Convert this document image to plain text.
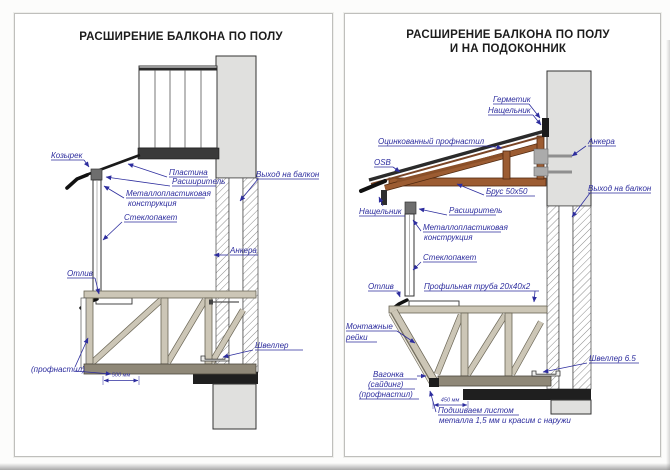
РАСШИРЕНИЕ БАЛКОНА ПО ПОЛУ
500 мм
Козырек
Пластина
Расширитель
Металлопластиковая
конструкция
Стеклопакет
Отлив
Выход на балкон
Анкера
Швеллер
(профнастил)
РАСШИРЕНИЕ БАЛКОНА ПО ПОЛУ
И НА ПОДОКОННИК
450 мм
Герметик
Нащельник
Оцинкованный профнастил
OSB
Брус 50x50
Анкера
Выход на балкон
Нащельник	Расширитель
Металлопластиковая
конструкция
Стеклопакет
Отлив	Профильная труба 20х40х2
Монтажные
рейки
Вагонка
(сайдинг)
(профнастил)
Швеллер 6.5
Подшиваем листом
металла 1,5 мм и красим с наружи
